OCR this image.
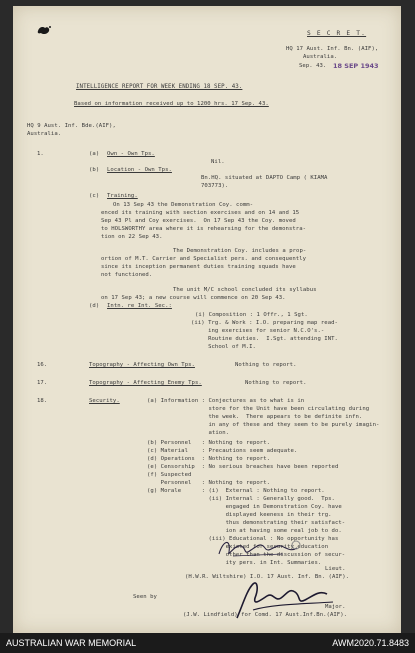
S E C R E T.
HQ 17 Aust. Inf. Bn. (AIF),
Australia.
Sep. 43. 18 SEP 1943
INTELLIGENCE REPORT FOR WEEK ENDING 18 SEP. 43.
Based on information received up to 1200 hrs. 17 Sep. 43.
HQ 9 Aust. Inf. Bde.(AIF),
Australia.
1.	(a) Own - Own Tps.
Nil.
(b) Location - Own Tps.
Bn.HQ. situated at DAPTO Camp ( KIAMA
703773).
(c) Training.
On 13 Sep 43 the Demonstration Coy. comm-
enced its training with section exercises and on 14 and 15
Sep 43 Pl and Coy exercises.  On 17 Sep 43 the Coy. moved
to HOLSWORTHY area where it is rehearsing for the demonstra-
tion on 22 Sep 43.
The Demonstration Coy. includes a prop-
ortion of M.T. Carrier and Specialist pers. and consequently
since its inception permanent duties training squads have
not functioned.
The unit M/C school concluded its syllabus
on 17 Sep 43; a new course will commence on 20 Sep 43.
(d) Intn. re Int. Sec.:
(i) Composition : 1 Offr., 1 Sgt.
(ii) Trg. & Work : I.O. preparing map read-
ing exercises for senior N.C.O's.-
Routine duties.  I.Sgt. attending INT.
School of M.I.
16.	Topography - Affecting Own Tps.	Nothing to report.
17.	Topography - Affecting Enemy Tps.	Nothing to report.
18.	Security.	(a) Information : Conjectures as to what is in
store for the Unit have been circulating during
the week.  There appears to be definite infn.
in any of these and they seem to be purely imagin-
ation.
(b) Personnel   : Nothing to report.
(c) Material    : Precautions seem adequate.
(d) Operations  : Nothing to report.
(e) Censorship  : No serious breaches have been reported
(f) Suspected
Personnel   : Nothing to report.
(g) Morale      : (i)  External : Nothing to report.
(ii) Internal : Generally good.  Tps.
engaged in Demonstration Coy. have
displayed keeness in their trg.
thus demonstrating their satisfact-
ion at having some real job to do.
(iii) Educational : No opportunity has
existed for security education
other than the discussion of secur-
ity pers. in Int. Summaries.
Lieut.
(H.W.R. Wiltshire) I.O. 17 Aust. Inf. Bn. (AIF).
Seen by
Major.
(J.W. Lindfield) for Comd. 17 Aust.Inf.Bn.(AIF).
AUSTRALIAN WAR MEMORIAL	AWM2020.71.8483
